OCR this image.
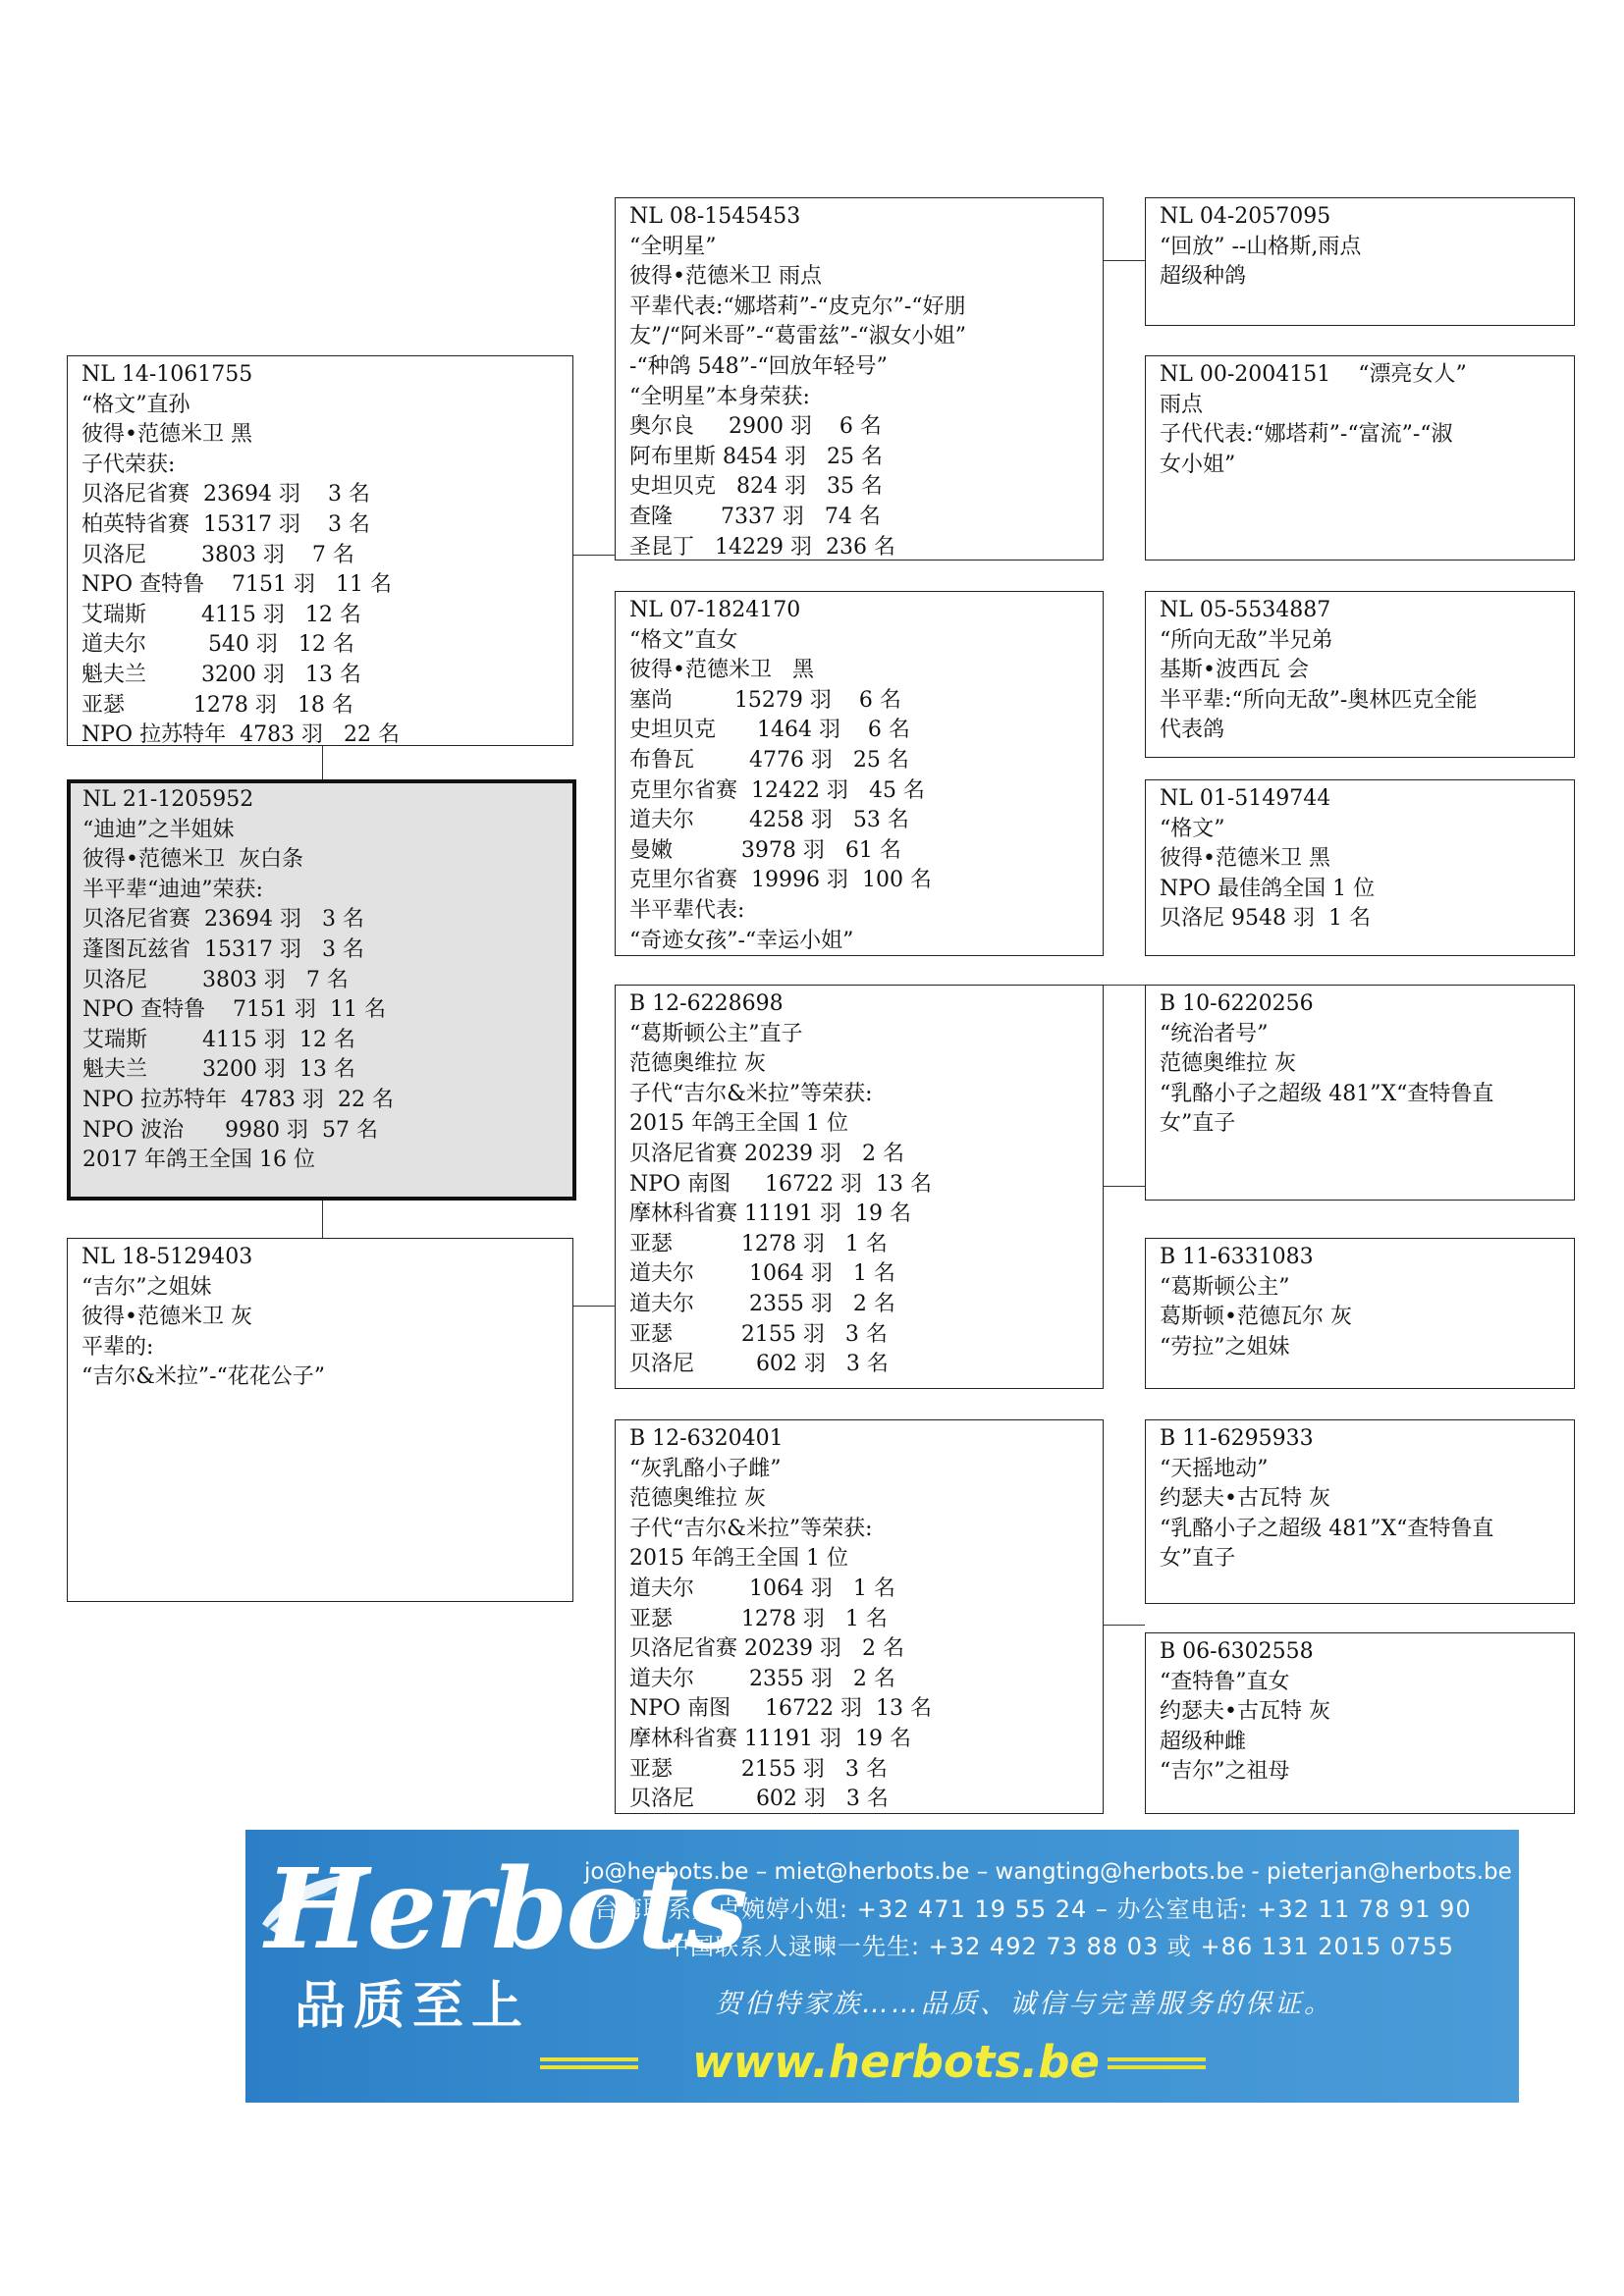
NL 14-1061755
“格文”直孙
彼得•范德米卫 黑
子代荣获:
贝洛尼省赛  23694 羽    3 名
柏英特省赛  15317 羽    3 名
贝洛尼        3803 羽    7 名
NPO 查特鲁    7151 羽   11 名
艾瑞斯        4115 羽   12 名
道夫尔         540 羽   12 名
魁夫兰        3200 羽   13 名
亚瑟          1278 羽   18 名
NPO 拉苏特年  4783 羽   22 名
NL 21-1205952
“迪迪”之半姐妹
彼得•范德米卫  灰白条
半平辈“迪迪”荣获:
贝洛尼省赛  23694 羽   3 名
蓬图瓦兹省  15317 羽   3 名
贝洛尼        3803 羽   7 名
NPO 查特鲁    7151 羽  11 名
艾瑞斯        4115 羽  12 名
魁夫兰        3200 羽  13 名
NPO 拉苏特年  4783 羽  22 名
NPO 波治      9980 羽  57 名
2017 年鸽王全国 16 位
NL 18-5129403
“吉尔”之姐妹
彼得•范德米卫 灰
平辈的:
“吉尔&米拉”-“花花公子”
NL 08-1545453
“全明星”
彼得•范德米卫 雨点
平辈代表:“娜塔莉”-“皮克尔”-“好朋
友”/“阿米哥”-“葛雷兹”-“淑女小姐”
-“种鸽 548”-“回放年轻号”
“全明星”本身荣获:
奥尔良     2900 羽    6 名
阿布里斯 8454 羽   25 名
史坦贝克   824 羽   35 名
查隆       7337 羽   74 名
圣昆丁   14229 羽  236 名
NL 07-1824170
“格文”直女
彼得•范德米卫   黑
塞尚         15279 羽    6 名
史坦贝克      1464 羽    6 名
布鲁瓦        4776 羽   25 名
克里尔省赛  12422 羽   45 名
道夫尔        4258 羽   53 名
曼嫩          3978 羽   61 名
克里尔省赛  19996 羽  100 名
半平辈代表:
“奇迹女孩”-“幸运小姐”
B 12-6228698
“葛斯顿公主”直子
范德奥维拉 灰
子代“吉尔&米拉”等荣获:
2015 年鸽王全国 1 位
贝洛尼省赛 20239 羽   2 名
NPO 南图     16722 羽  13 名
摩林科省赛 11191 羽  19 名
亚瑟          1278 羽   1 名
道夫尔        1064 羽   1 名
道夫尔        2355 羽   2 名
亚瑟          2155 羽   3 名
贝洛尼         602 羽   3 名
B 12-6320401
“灰乳酪小子雌”
范德奥维拉 灰
子代“吉尔&米拉”等荣获:
2015 年鸽王全国 1 位
道夫尔        1064 羽   1 名
亚瑟          1278 羽   1 名
贝洛尼省赛 20239 羽   2 名
道夫尔        2355 羽   2 名
NPO 南图     16722 羽  13 名
摩林科省赛 11191 羽  19 名
亚瑟          2155 羽   3 名
贝洛尼         602 羽   3 名
NL 04-2057095
“回放” --山格斯,雨点
超级种鸽
NL 00-2004151    “漂亮女人”
雨点
子代代表:“娜塔莉”-“富流”-“淑
女小姐”
NL 05-5534887
“所向无敌”半兄弟
基斯•波西瓦 会
半平辈:“所向无敌”-奥林匹克全能
代表鸽
NL 01-5149744
“格文”
彼得•范德米卫 黑
NPO 最佳鸽全国 1 位
贝洛尼 9548 羽  1 名
B 10-6220256
“统治者号”
范德奥维拉 灰
“乳酪小子之超级 481”X“查特鲁直
女”直子
B 11-6331083
“葛斯顿公主”
葛斯顿•范德瓦尔 灰
“劳拉”之姐妹
B 11-6295933
“天摇地动”
约瑟夫•古瓦特 灰
“乳酪小子之超级 481”X“查特鲁直
女”直子
B 06-6302558
“查特鲁”直女
约瑟夫•古瓦特 灰
超级种雌
“吉尔”之祖母
Herbots
品质至上
jo@herbots.be – miet@herbots.be – wangting@herbots.be - pieterjan@herbots.be
台湾联系人卢婉婷小姐: +32 471 19 55 24 – 办公室电话: +32 11 78 91 90
中国联系人逯暕一先生: +32 492 73 88 03 或 +86 131 2015 0755
贺伯特家族……品质、诚信与完善服务的保证。
www.herbots.be
